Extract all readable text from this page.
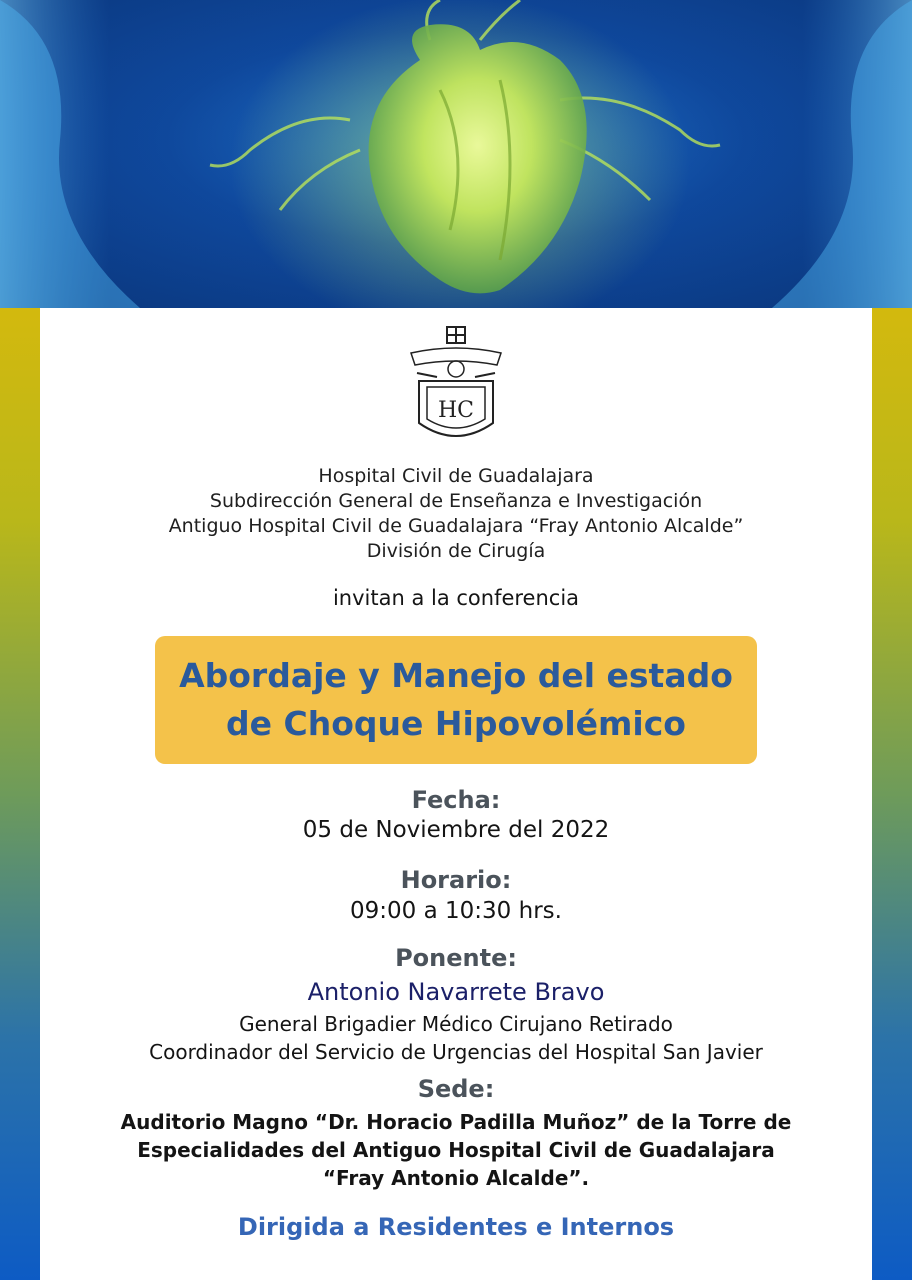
HC
Hospital Civil de Guadalajara
Subdirección General de Enseñanza e Investigación
Antiguo Hospital Civil de Guadalajara “Fray Antonio Alcalde”
División de Cirugía
invitan a la conferencia
Abordaje y Manejo del estado
de Choque Hipovolémico
Fecha:
05 de Noviembre del 2022
Horario:
09:00 a 10:30 hrs.
Ponente:
Antonio Navarrete Bravo
General Brigadier Médico Cirujano Retirado
Coordinador del Servicio de Urgencias del Hospital San Javier
Sede:
Auditorio Magno “Dr. Horacio Padilla Muñoz” de la Torre de
Especialidades del Antiguo Hospital Civil de Guadalajara
“Fray Antonio Alcalde”.
Dirigida a Residentes e Internos
